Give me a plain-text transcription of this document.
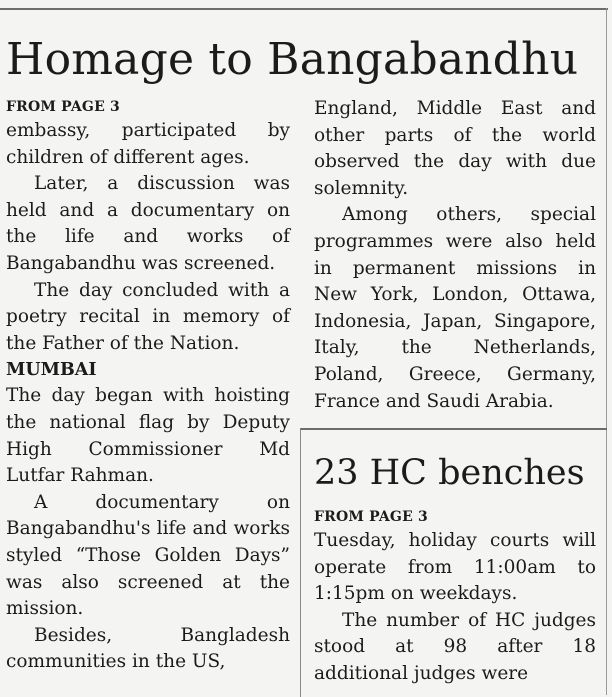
Homage to Bangabandhu
FROM PAGE 3

embassy, participated by children of different ages.

Later, a discussion was held and a documentary on the life and works of Bangabandhu was screened.

The day concluded with a poetry recital in memory of the Father of the Nation.

MUMBAI

The day began with hoisting the national flag by Deputy High Commissioner Md Lutfar Rahman.

A documentary on Bangabandhu's life and works styled “Those Golden Days” was also screened at the mission.

Besides, Bangladesh communities in the US,

England, Middle East and other parts of the world observed the day with due solemnity.

Among others, special programmes were also held in permanent missions in New York, London, Ottawa, Indonesia, Japan, Singapore, Italy, the Netherlands, Poland, Greece, Germany, France and Saudi Arabia.

23 HC benches
FROM PAGE 3

Tuesday, holiday courts will operate from 11:00am to 1:15pm on weekdays.

The number of HC judges stood at 98 after 18 additional judges were
